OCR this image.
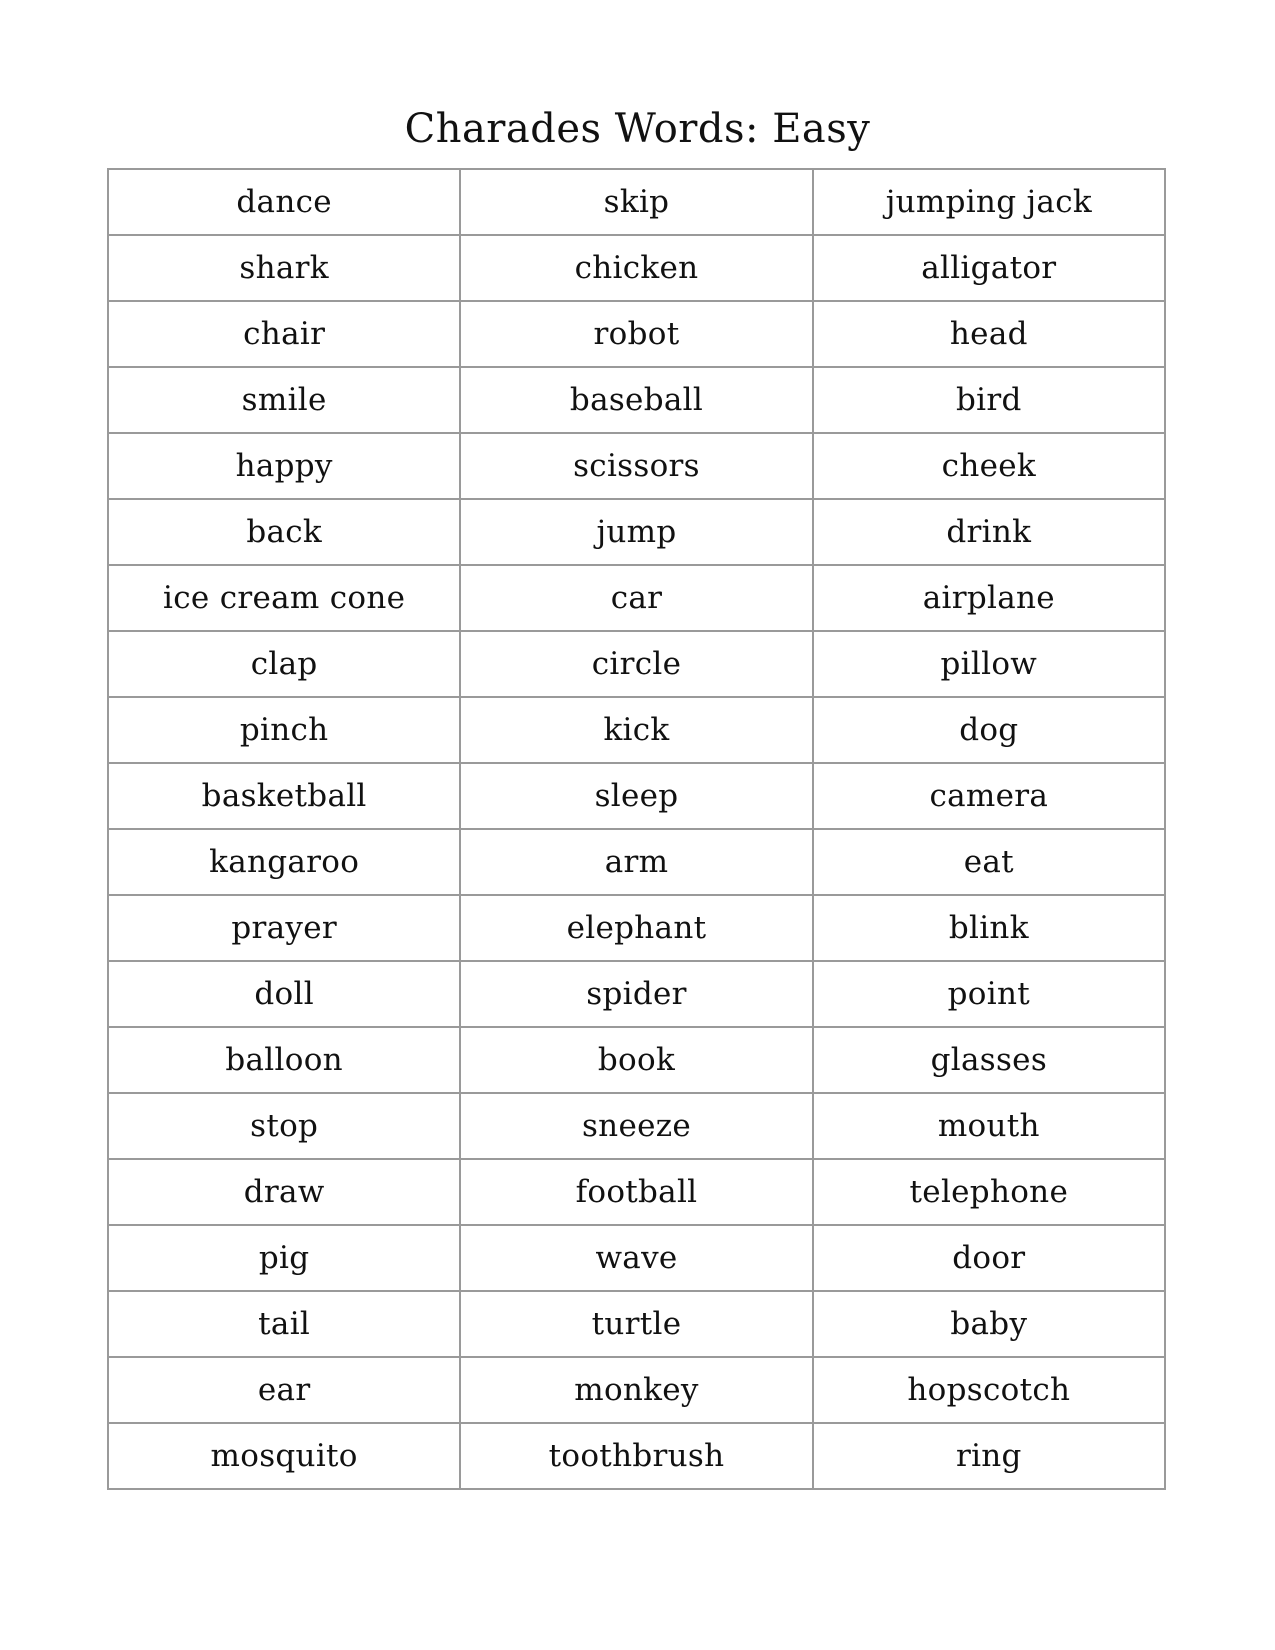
Charades Words: Easy
dance	skip	jumping jack
shark	chicken	alligator
chair	robot	head
smile	baseball	bird
happy	scissors	cheek
back	jump	drink
ice cream cone	car	airplane
clap	circle	pillow
pinch	kick	dog
basketball	sleep	camera
kangaroo	arm	eat
prayer	elephant	blink
doll	spider	point
balloon	book	glasses
stop	sneeze	mouth
draw	football	telephone
pig	wave	door
tail	turtle	baby
ear	monkey	hopscotch
mosquito	toothbrush	ring
